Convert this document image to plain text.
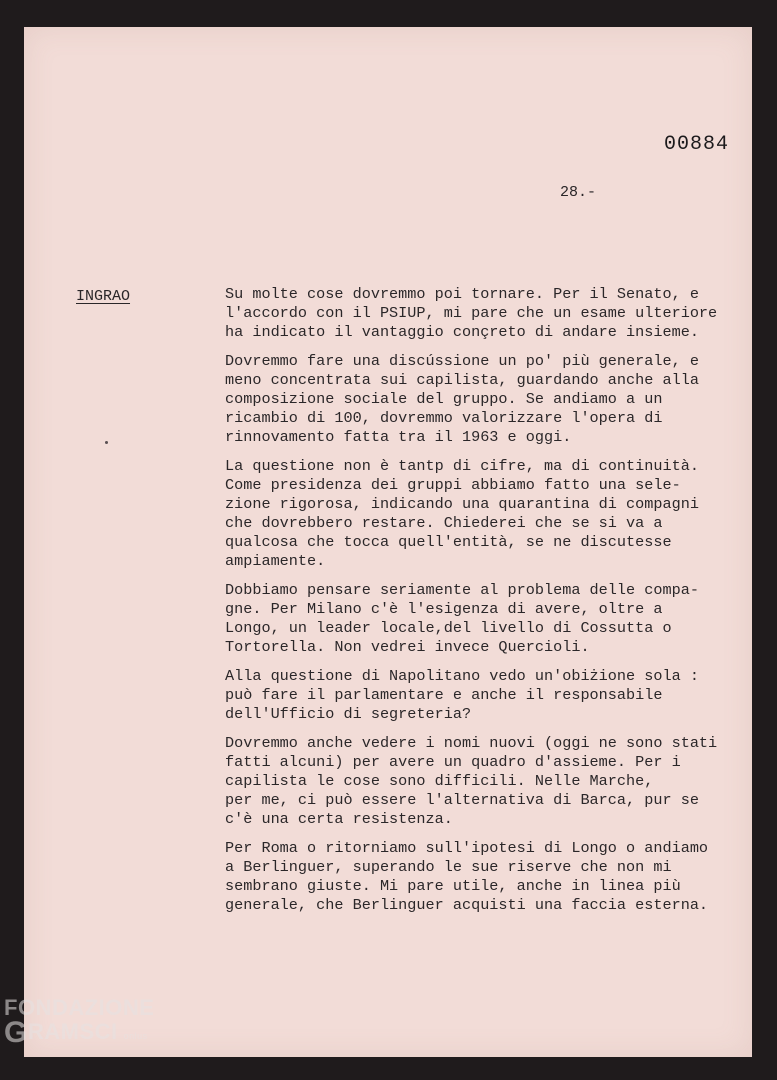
00884
28.-
INGRAO	Su molte cose dovremmo poi tornare. Per il Senato, e
l'accordo con il PSIUP, mi pare che un esame ulteriore
ha indicato il vantaggio conçreto di andare insieme.

Dovremmo fare una discússione un po' più generale, e
meno concentrata sui capilista, guardando anche alla
composizione sociale del gruppo. Se andiamo a un
ricambio di 100, dovremmo valorizzare l'opera di
rinnovamento fatta tra il 1963 e oggi.

La questione non è tantp di cifre, ma di continuità.
Come presidenza dei gruppi abbiamo fatto una sele-
zione rigorosa, indicando una quarantina di compagni
che dovrebbero restare. Chiederei che se si va a
qualcosa che tocca quell'entità, se ne discutesse
ampiamente.

Dobbiamo pensare seriamente al problema delle compa-
gne. Per Milano c'è l'esigenza di avere, oltre a
Longo, un leader locale,del livello di Cossutta o
Tortorella. Non vedrei invece Quercioli.

Alla questione di Napolitano vedo un'obiżione sola :
può fare il parlamentare e anche il responsabile
dell'Ufficio di segreteria?

Dovremmo anche vedere i nomi nuovi (oggi ne sono stati
fatti alcuni) per avere un quadro d'assieme. Per i
capilista le cose sono difficili. Nelle Marche,
per me, ci può essere l'alternativa di Barca, pur se
c'è una certa resistenza.

Per Roma o ritorniamo sull'ipotesi di Longo o andiamo
a Berlinguer, superando le sue riserve che non mi
sembrano giuste. Mi pare utile, anche in linea più
generale, che Berlinguer acquisti una faccia esterna.

FONDAZIONE
GRAMSCI onlus
